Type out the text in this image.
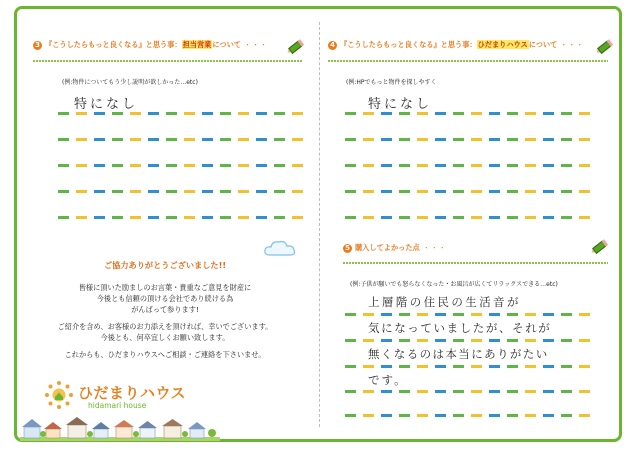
3 『こうしたらもっと良くなる』と思う事：担当営業について ・・・
(例:物件についてもう少し説明が欲しかった…etc)
特になし
4 『こうしたらもっと良くなる』と思う事：ひだまりハウスについて ・・・
(例:HPでもっと物件を探しやすく
特になし
5 購入してよかった点 ・・・
(例:子供が騒いでも怒らなくなった・お風呂が広くてリラックスできる…etc)
上層階の住民の生活音が
気になっていましたが、それが
無くなるのは本当にありがたい
です。
ご協力ありがとうございました!!
皆様に頂いた励ましのお言葉・貴重なご意見を財産に
今後とも信頼の頂ける会社であり続ける為
がんばって参ります!
ご紹介を含め、お客様のお力添えを頂ければ、幸いでございます。
今後とも、何卒宜しくお願い致します。
これからも、ひだまりハウスへご相談・ご連絡を下さいませ。
ひだまりハウス
hidamari house
